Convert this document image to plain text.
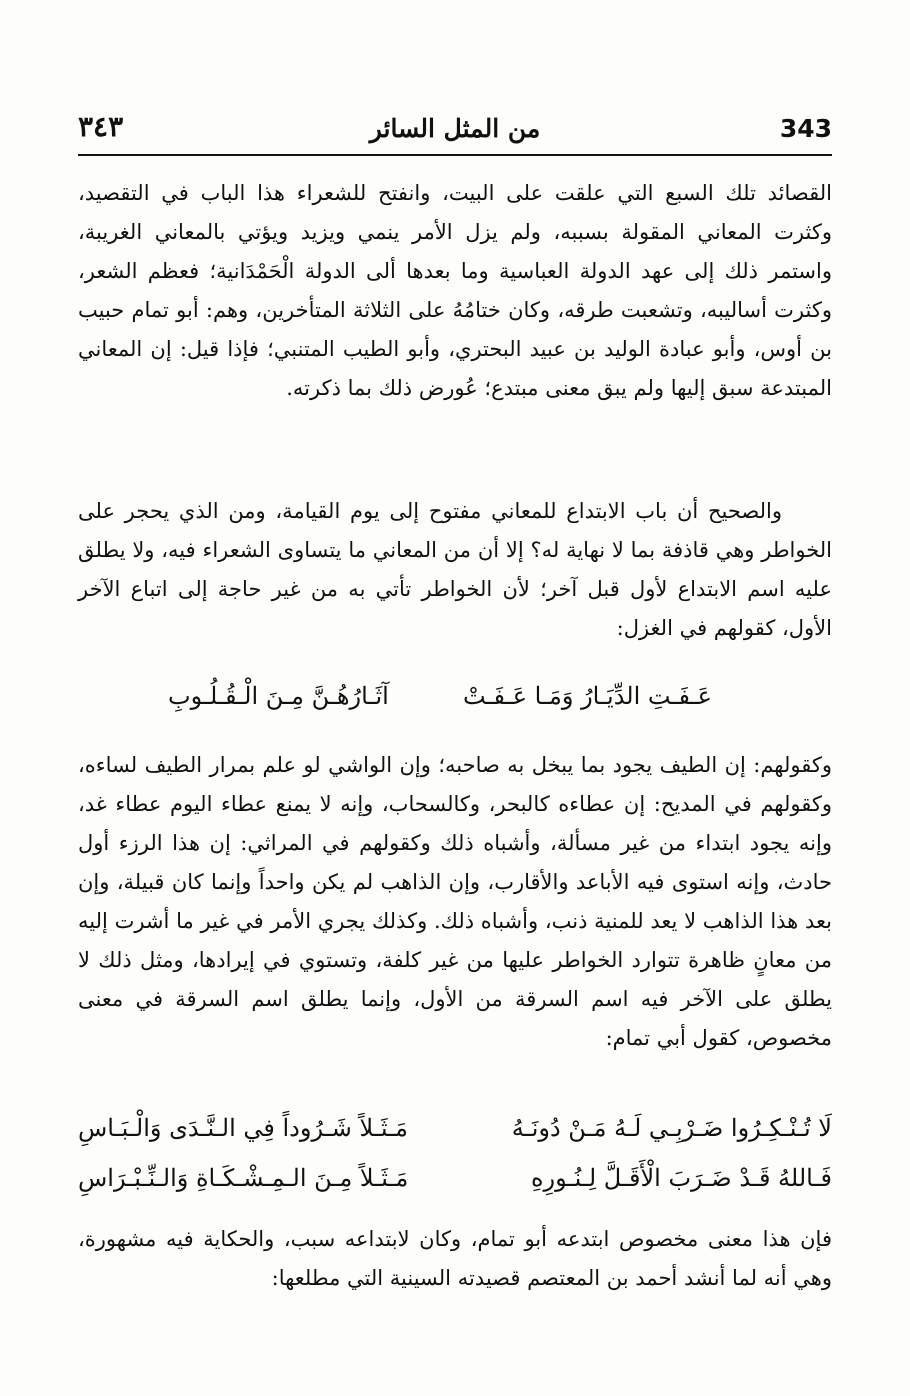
343
من المثل السائر
٣٤٣

القصائد تلك السبع التي علقت على البيت، وانفتح للشعراء هذا الباب في التقصيد، وكثرت المعاني المقولة بسببه، ولم يزل الأمر ينمي ويزيد ويؤتي بالمعاني الغريبة، واستمر ذلك إلى عهد الدولة العباسية وما بعدها ألى الدولة الْحَمْدَانية؛ فعظم الشعر، وكثرت أساليبه، وتشعبت طرقه، وكان ختامُهُ على الثلاثة المتأخرين، وهم: أبو تمام حبيب بن أوس، وأبو عبادة الوليد بن عبيد البحتري، وأبو الطيب المتنبي؛ فإذا قيل: إن المعاني المبتدعة سبق إليها ولم يبق معنى مبتدع؛ عُورض ذلك بما ذكرته.

والصحيح أن باب الابتداع للمعاني مفتوح إلى يوم القيامة، ومن الذي يحجر على الخواطر وهي قاذفة بما لا نهاية له؟ إلا أن من المعاني ما يتساوى الشعراء فيه، ولا يطلق عليه اسم الابتداع لأول قبل آخر؛ لأن الخواطر تأتي به من غير حاجة إلى اتباع الآخر الأول، كقولهم في الغزل:

عَـفَـتِ الدِّيَـارُ وَمَـا عَـفَـتْ
آثَـارُهُـنَّ مِـنَ الْـقُـلُـوبِ

وكقولهم: إن الطيف يجود بما يبخل به صاحبه؛ وإن الواشي لو علم بمرار الطيف لساءه، وكقولهم في المديح: إن عطاءه كالبحر، وكالسحاب، وإنه لا يمنع عطاء اليوم عطاء غد، وإنه يجود ابتداء من غير مسألة، وأشباه ذلك وكقولهم في المراثي: إن هذا الرزء أول حادث، وإنه استوى فيه الأباعد والأقارب، وإن الذاهب لم يكن واحداً وإنما كان قبيلة، وإن بعد هذا الذاهب لا يعد للمنية ذنب، وأشباه ذلك. وكذلك يجري الأمر في غير ما أشرت إليه من معانٍ ظاهرة تتوارد الخواطر عليها من غير كلفة، وتستوي في إيرادها، ومثل ذلك لا يطلق على الآخر فيه اسم السرقة من الأول، وإنما يطلق اسم السرقة في معنى مخصوص، كقول أبي تمام:

لَا تُـنْـكِـرُوا ضَـرْبِـي لَـهُ مَـنْ دُونَـهُ
مَـثَـلاً شَـرُوداً فِي الـنَّـدَى وَالْـبَـاسِ
فَـاللهُ قَـدْ ضَـرَبَ الْأَقَـلَّ لِـنُـورِهِ
مَـثَـلاً مِـنَ الـمِـشْـكَـاةِ وَالـنِّـبْـرَاسِ

فإن هذا معنى مخصوص ابتدعه أبو تمام، وكان لابتداعه سبب، والحكاية فيه مشهورة، وهي أنه لما أنشد أحمد بن المعتصم قصيدته السينية التي مطلعها:
